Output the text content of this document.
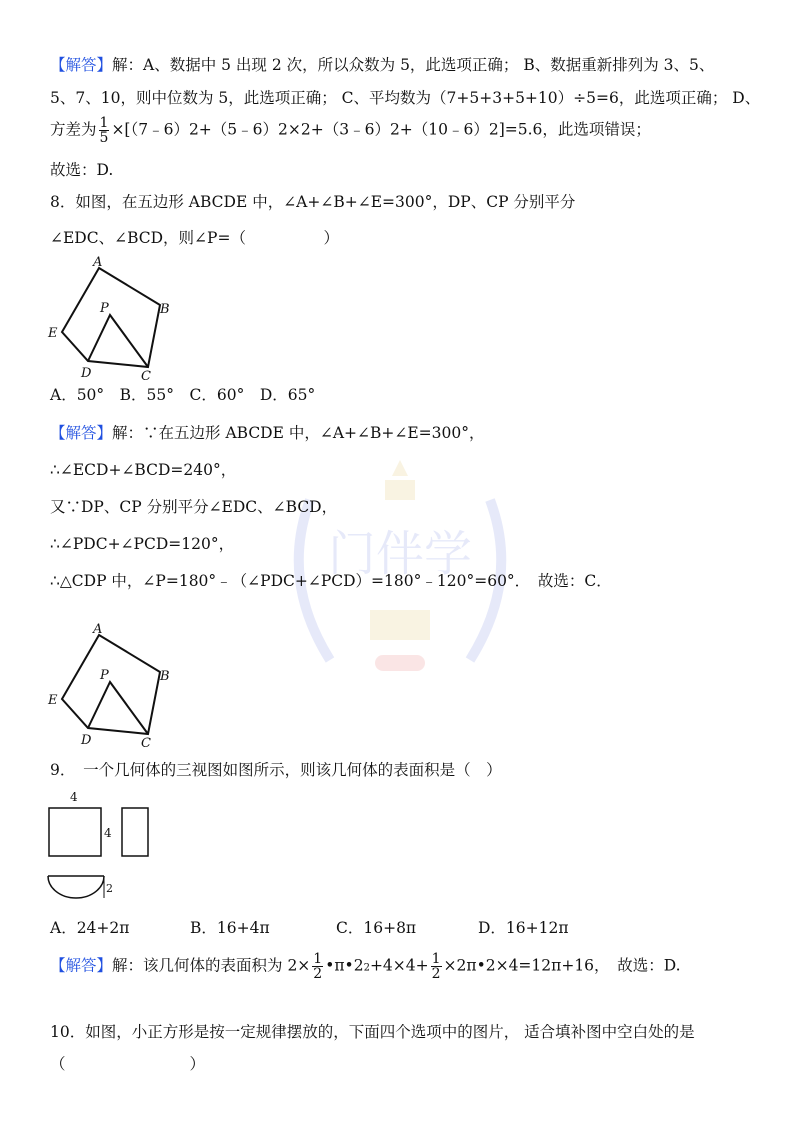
门伴学
【解答】解：A、数据中 5 出现 2 次，所以众数为 5，此选项正确； B、数据重新排列为 3、5、
5、7、10，则中位数为 5，此选项正确； C、平均数为（7+5+3+5+10）÷5=6，此选项正确； D、
方差为 $\frac{1}{5}$ ×[（7﹣6）2+（5﹣6）2×2+（3﹣6）2+（10﹣6）2]=5.6，此选项错误；
故选：D.
8．如图，在五边形 ABCDE 中，∠A+∠B+∠E=300°，DP、CP 分别平分
∠EDC、∠BCD，则∠P=（　　　　　）
A
B
C
D
E
P
A．50°　B．55°　C．60°　D．65°
【解答】解：∵在五边形 ABCDE 中，∠A+∠B+∠E=300°，
∴∠ECD+∠BCD=240°，
又∵DP、CP 分别平分∠EDC、∠BCD，
∴∠PDC+∠PCD=120°，
∴△CDP 中，∠P=180°﹣（∠PDC+∠PCD）=180°﹣120°=60°．　故选：C．
A
B
C
D
E
P
9．　一个几何体的三视图如图所示，则该几何体的表面积是（　）
4
4
2
A．24+2π	B．16+4π	C．16+8π	D．16+12π
【解答】解：该几何体的表面积为 $2\times \frac{1}{2}$ •π•22+4×4+ $\frac{1}{2}$ ×2π•2×4=12π+16，　故选：D.
10．如图，小正方形是按一定规律摆放的，下面四个选项中的图片， 适合填补图中空白处的是
（　　　　　　　　）
